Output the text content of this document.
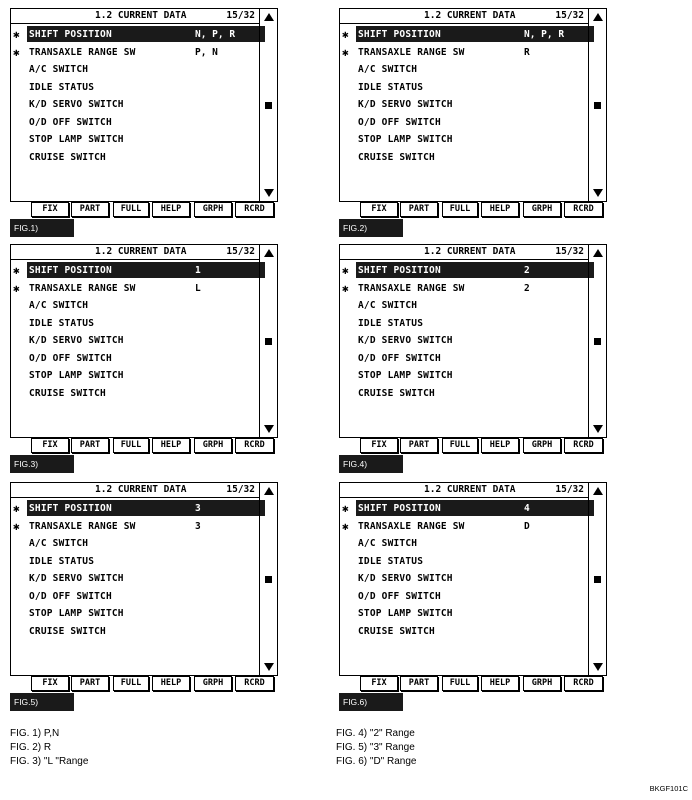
1.2 CURRENT DATA	15/32
✱ SHIFT POSITION	N, P, R
✱ TRANSAXLE RANGE SW	P, N
A/C SWITCH
IDLE STATUS
K/D SERVO SWITCH
O/D OFF SWITCH
STOP LAMP SWITCH
CRUISE SWITCH
FIX	PART	FULL	HELP	GRPH	RCRD
FIG.1)
1.2 CURRENT DATA	15/32
✱ SHIFT POSITION	N, P, R
✱ TRANSAXLE RANGE SW	R
A/C SWITCH
IDLE STATUS
K/D SERVO SWITCH
O/D OFF SWITCH
STOP LAMP SWITCH
CRUISE SWITCH
FIX	PART	FULL	HELP	GRPH	RCRD
FIG.2)
1.2 CURRENT DATA	15/32
✱ SHIFT POSITION	1
✱ TRANSAXLE RANGE SW	L
A/C SWITCH
IDLE STATUS
K/D SERVO SWITCH
O/D OFF SWITCH
STOP LAMP SWITCH
CRUISE SWITCH
FIX	PART	FULL	HELP	GRPH	RCRD
FIG.3)
1.2 CURRENT DATA	15/32
✱ SHIFT POSITION	2
✱ TRANSAXLE RANGE SW	2
A/C SWITCH
IDLE STATUS
K/D SERVO SWITCH
O/D OFF SWITCH
STOP LAMP SWITCH
CRUISE SWITCH
FIX	PART	FULL	HELP	GRPH	RCRD
FIG.4)
1.2 CURRENT DATA	15/32
✱ SHIFT POSITION	3
✱ TRANSAXLE RANGE SW	3
A/C SWITCH
IDLE STATUS
K/D SERVO SWITCH
O/D OFF SWITCH
STOP LAMP SWITCH
CRUISE SWITCH
FIX	PART	FULL	HELP	GRPH	RCRD
FIG.5)
1.2 CURRENT DATA	15/32
✱ SHIFT POSITION	4
✱ TRANSAXLE RANGE SW	D
A/C SWITCH
IDLE STATUS
K/D SERVO SWITCH
O/D OFF SWITCH
STOP LAMP SWITCH
CRUISE SWITCH
FIX	PART	FULL	HELP	GRPH	RCRD
FIG.6)
FIG. 1) P,N
FIG. 2) R
FIG. 3) "L "Range
FIG. 4) "2" Range
FIG. 5) "3" Range
FIG. 6) "D" Range
BKGF101C
